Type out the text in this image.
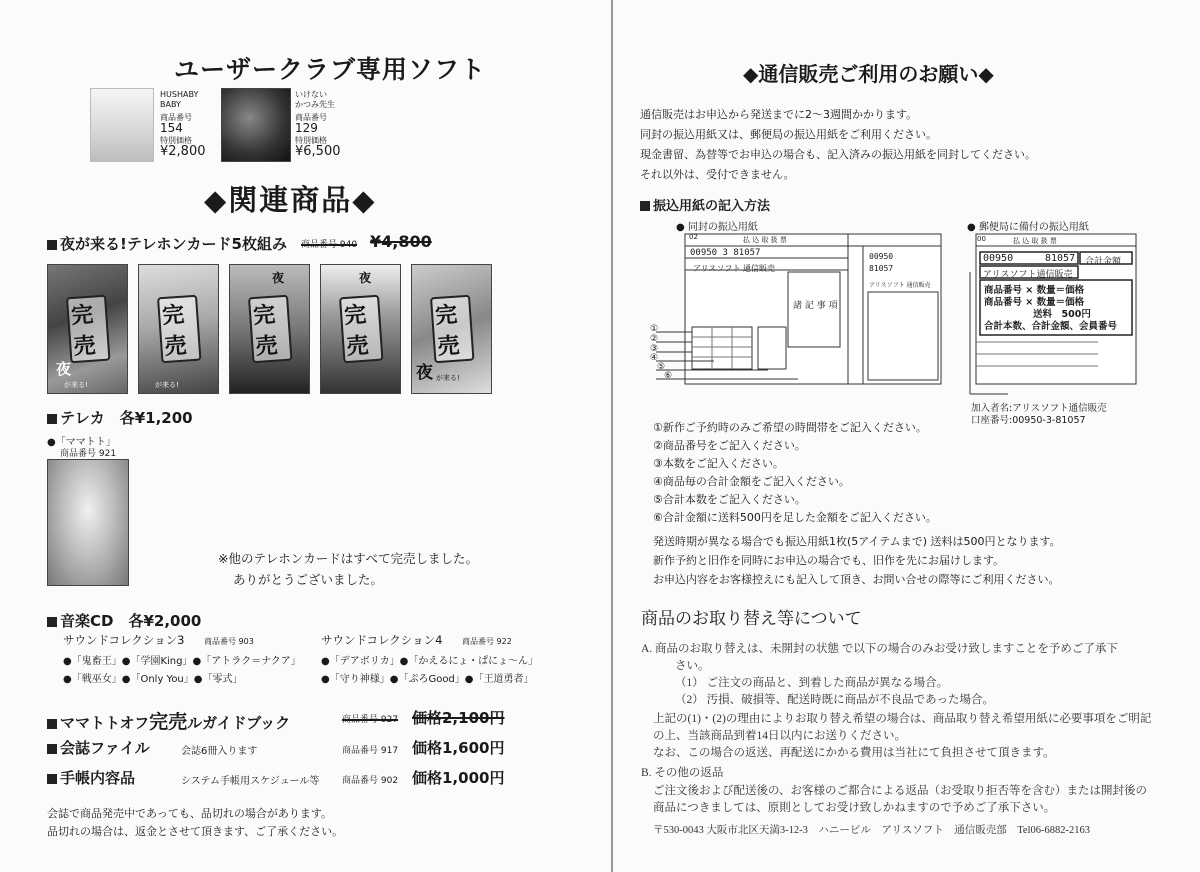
ユーザークラブ専用ソフト
HUSHABY
BABY
商品番号
154
特別価格
¥2,800
いけない
かつみ先生
商品番号
129
特別価格
¥6,500
◆関連商品◆
夜が来る!テレホンカード5枚組み 商品番号 940 ¥4,800
完売
夜
が来る!
完売
が来る!
完売
夜
完売
夜
完売
夜 が来る!
テレカ　各¥1,200
●「ママトト」
商品番号 921
※他のテレホンカードはすべて完売しました。
ありがとうございました。
音楽CD　各¥2,000
サウンドコレクション3 商品番号 903
●「鬼畜王」●「学園King」●「アトラク＝ナクア」
●「戦巫女」●「Only You」●「零式」
サウンドコレクション4 商品番号 922
●「デアボリカ」●「かえるにょ・ぱにょ～ん」
●「守り神様」●「ぷろGood」●「王道勇者」
ママトトオフ完売ルガイドブック	商品番号 927 価格2,100円
会誌ファイル	会誌6冊入ります	商品番号 917 価格1,600円
手帳内容品	システム手帳用スケジュール等	商品番号 902 価格1,000円
会誌で商品発売中であっても、品切れの場合があります。
品切れの場合は、返金とさせて頂きます、ご了承ください。
◆通信販売ご利用のお願い◆
通信販売はお申込から発送までに2～3週間かかります。
同封の振込用紙又は、郵便局の振込用紙をご利用ください。
現金書留、為替等でお申込の場合も、記入済みの振込用紙を同封してください。
それ以外は、受付できません。
振込用紙の記入方法
● 同封の振込用紙	● 郵便局に備付の振込用紙
02	払 込 取 扱 票
00950 3 81057
アリスソフト 通信販売
諸 記 事 項
00950
81057
アリスソフト 通信販売
①
②
③
④
⑤
⑥
00	払 込 取 扱 票
00950	81057 合計金額
アリスソフト通信販売
商品番号 × 数量＝価格
商品番号 × 数量＝価格
送料　500円
合計本数、合計金額、会員番号
加入者名:アリスソフト通信販売
口座番号:00950-3-81057
①新作ご予約時のみご希望の時間帯をご記入ください。
②商品番号をご記入ください。
③本数をご記入ください。
④商品毎の合計金額をご記入ください。
⑤合計本数をご記入ください。
⑥合計金額に送料500円を足した金額をご記入ください。
発送時期が異なる場合でも振込用紙1枚(5アイテムまで) 送料は500円となります。
新作予約と旧作を同時にお申込の場合でも、旧作を先にお届けします。
お申込内容をお客様控えにも記入して頂き、お問い合せの際等にご利用ください。
商品のお取り替え等について
A. 商品のお取り替えは、未開封の状態 で以下の場合のみお受け致しますことを予めご了承下
さい。
（1） ご注文の商品と、到着した商品が異なる場合。
（2） 汚損、破損等、配送時既に商品が不良品であった場合。
上記の(1)・(2)の理由によりお取り替え希望の場合は、商品取り替え希望用紙に必要事項をご明記
の上、当該商品到着14日以内にお送りください。
なお、この場合の返送、再配送にかかる費用は当社にて負担させて頂きます。
B. その他の返品
ご注文後および配送後の、お客様のご都合による返品（お受取り拒否等を含む）または開封後の
商品につきましては、原則としてお受け致しかねますので予めご了承下さい。
〒530-0043 大阪市北区天満3-12-3　ハニービル　アリスソフト　通信販売部　Tel06-6882-2163
